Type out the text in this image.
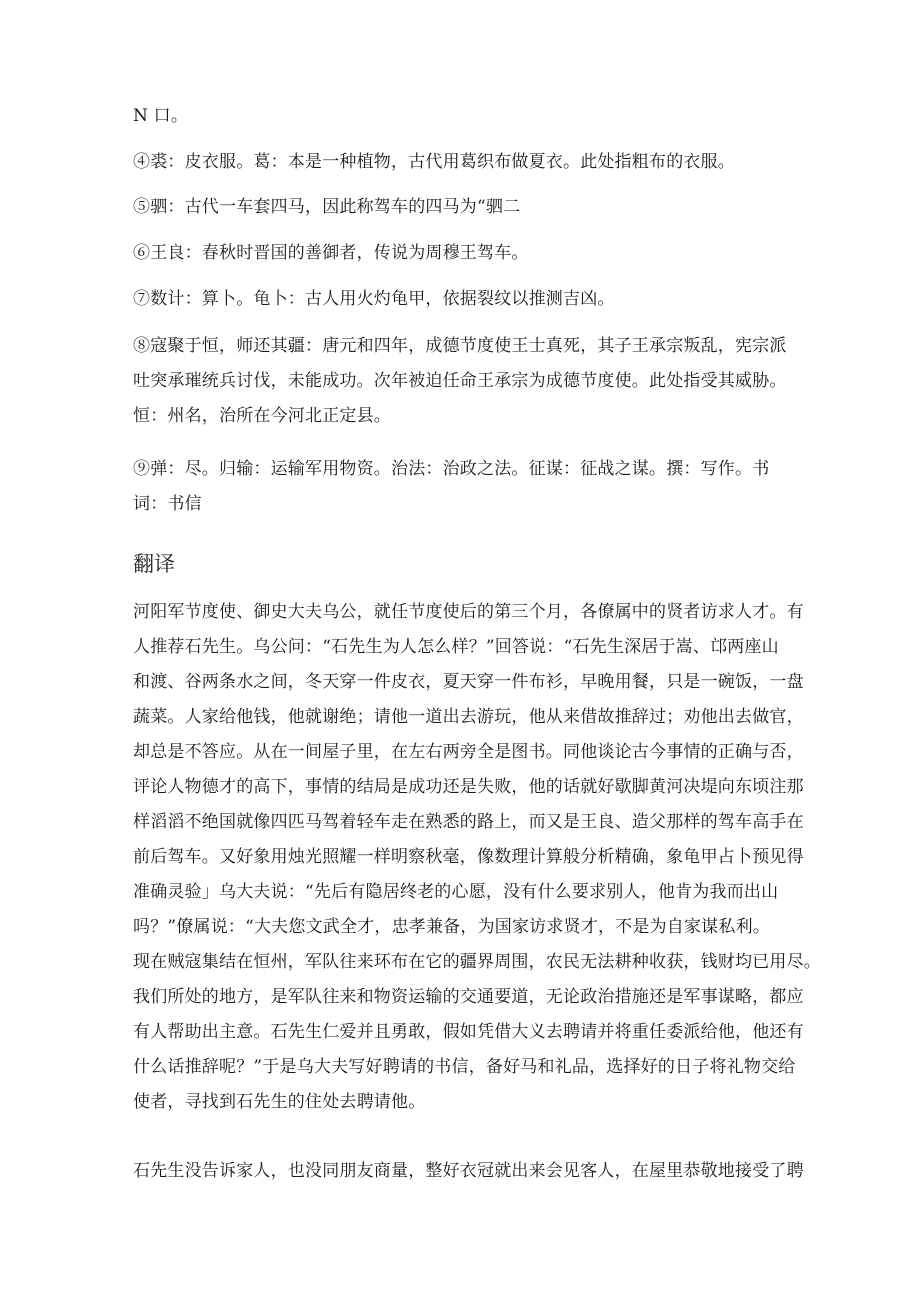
N 口。
④裘：皮衣服。葛：本是一种植物，古代用葛织布做夏衣。此处指粗布的衣服。
⑤驷：古代一车套四马，因此称驾车的四马为“驷二
⑥王良：春秋时晋国的善御者，传说为周穆王驾车。
⑦数计：算卜。龟卜：古人用火灼龟甲，依据裂纹以推测吉凶。
⑧寇聚于恒，师还其疆：唐元和四年，成德节度使王士真死，其子王承宗叛乱，宪宗派
吐突承璀统兵讨伐，未能成功。次年被迫任命王承宗为成德节度使。此处指受其威胁。
恒：州名，治所在今河北正定县。
⑨弹：尽。归输：运输军用物资。治法：治政之法。征谋：征战之谋。撰：写作。书
词：书信
翻译
河阳军节度使、御史大夫乌公，就任节度使后的第三个月，各僚属中的贤者访求人才。有
人推荐石先生。乌公问：“石先生为人怎么样？”回答说：“石先生深居于嵩、邙两座山
和渡、谷两条水之间，冬天穿一件皮衣，夏天穿一件布衫，早晚用餐，只是一碗饭，一盘
蔬菜。人家给他钱，他就谢绝；请他一道出去游玩，他从来借故推辞过；劝他出去做官，
却总是不答应。从在一间屋子里，在左右两旁全是图书。同他谈论古今事情的正确与否，
评论人物德才的高下，事情的结局是成功还是失败，他的话就好歇脚黄河决堤向东顷注那
样滔滔不绝国就像四匹马驾着轻车走在熟悉的路上，而又是王良、造父那样的驾车高手在
前后驾车。又好象用烛光照耀一样明察秋毫，像数理计算般分析精确，象龟甲占卜预见得
准确灵验」乌大夫说：“先后有隐居终老的心愿，没有什么要求别人，他肯为我而出山
吗？”僚属说：“大夫您文武全才，忠孝兼备，为国家访求贤才，不是为自家谋私利。
现在贼寇集结在恒州，军队往来环布在它的疆界周围，农民无法耕种收获，钱财均已用尽。
我们所处的地方，是军队往来和物资运输的交通要道，无论政治措施还是军事谋略，都应
有人帮助出主意。石先生仁爱并且勇敢，假如凭借大义去聘请并将重任委派给他，他还有
什么话推辞呢？”于是乌大夫写好聘请的书信，备好马和礼品，选择好的日子将礼物交给
使者，寻找到石先生的住处去聘请他。
石先生没告诉家人，也没同朋友商量，整好衣冠就出来会见客人，在屋里恭敬地接受了聘
